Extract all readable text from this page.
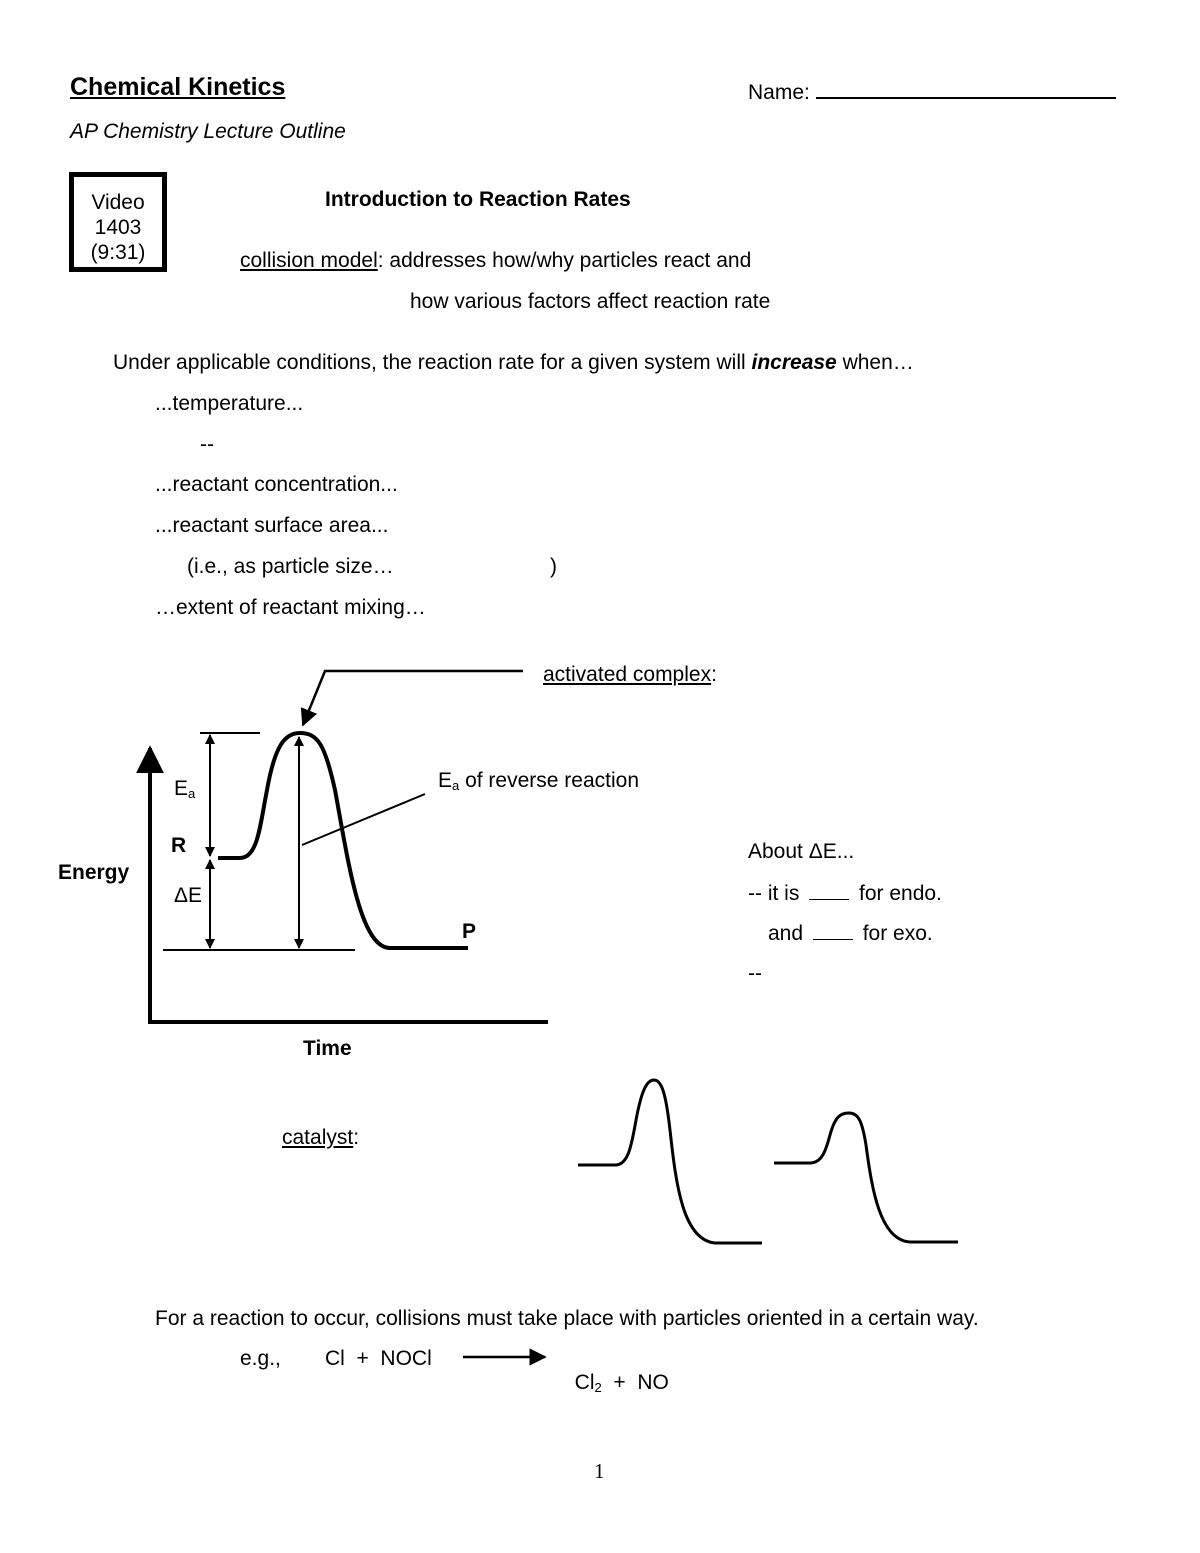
Chemical Kinetics	Name:
AP Chemistry Lecture Outline
Video
1403
(9:31)
Introduction to Reaction Rates
collision model: addresses how/why particles react and
how various factors affect reaction rate
Under applicable conditions, the reaction rate for a given system will increase when…
...temperature...
--
...reactant concentration...
...reactant surface area...
(i.e., as particle size…	)
…extent of reactant mixing…
$E_a$
R
ΔE
P
Energy
Time
activated complex:
$E_a$ of reverse reaction
About ΔE...
-- it is  for endo.
and  for exo.
--
catalyst:
For a reaction to occur, collisions must take place with particles oriented in a certain way.
e.g., Cl  +  NOCl

$Cl_2$  +  NO

1
